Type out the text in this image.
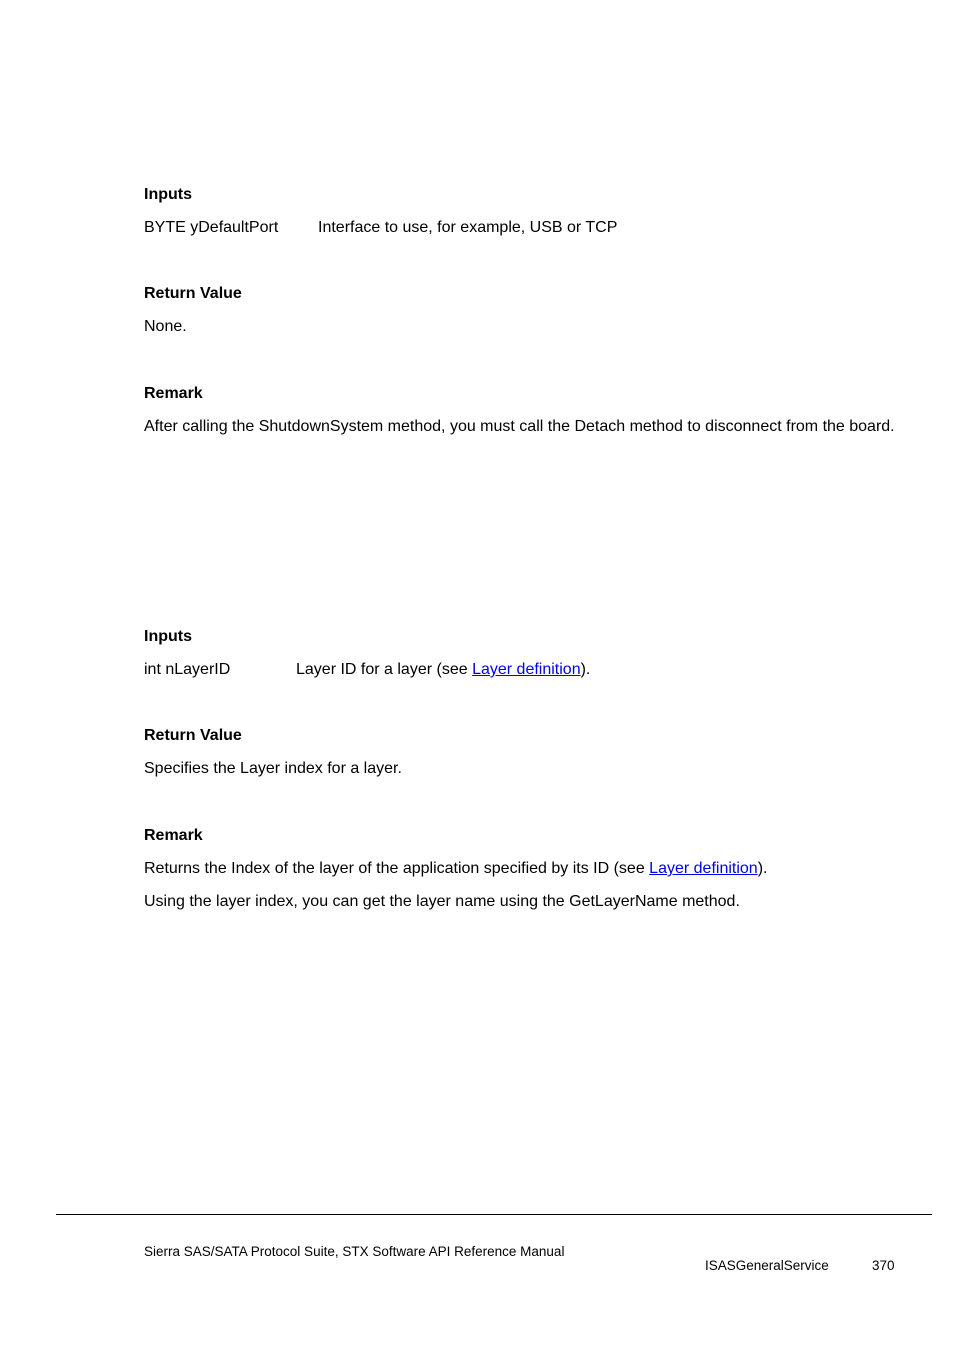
Inputs
BYTE yDefaultPort Interface to use, for example, USB or TCP
Return Value
None.
Remark
After calling the ShutdownSystem method, you must call the Detach method to disconnect from the board.
Inputs
int nLayerID	Layer ID for a layer (see Layer definition).
Return Value
Specifies the Layer index for a layer.
Remark
Returns the Index of the layer of the application specified by its ID (see Layer definition).
Using the layer index, you can get the layer name using the GetLayerName method.
Sierra SAS/SATA Protocol Suite, STX Software API Reference Manual
ISASGeneralService	370
